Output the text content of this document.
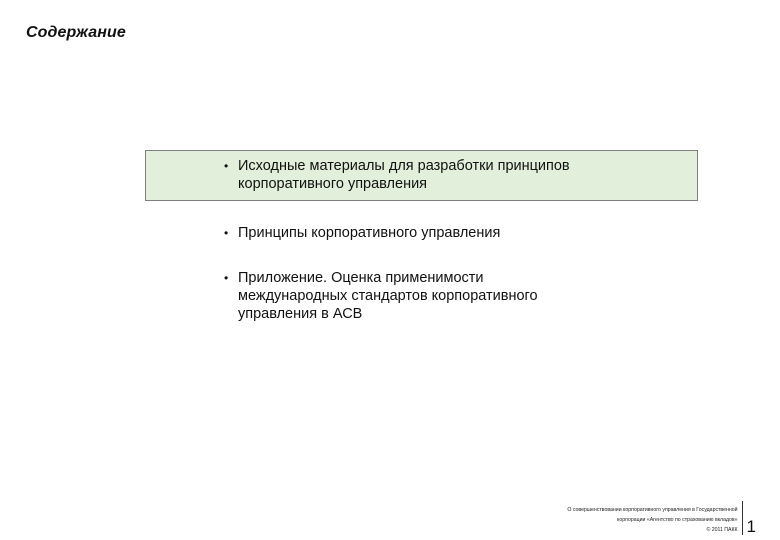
Содержание
• Исходные материалы для разработки принципов
корпоративного управления
• Принципы корпоративного управления
• Приложение. Оценка применимости
международных стандартов корпоративного
управления в АСВ
О совершенствовании корпоративного управления в Государственной
корпорации «Агентство по страхованию вкладов»
© 2011 ПАКК 1
